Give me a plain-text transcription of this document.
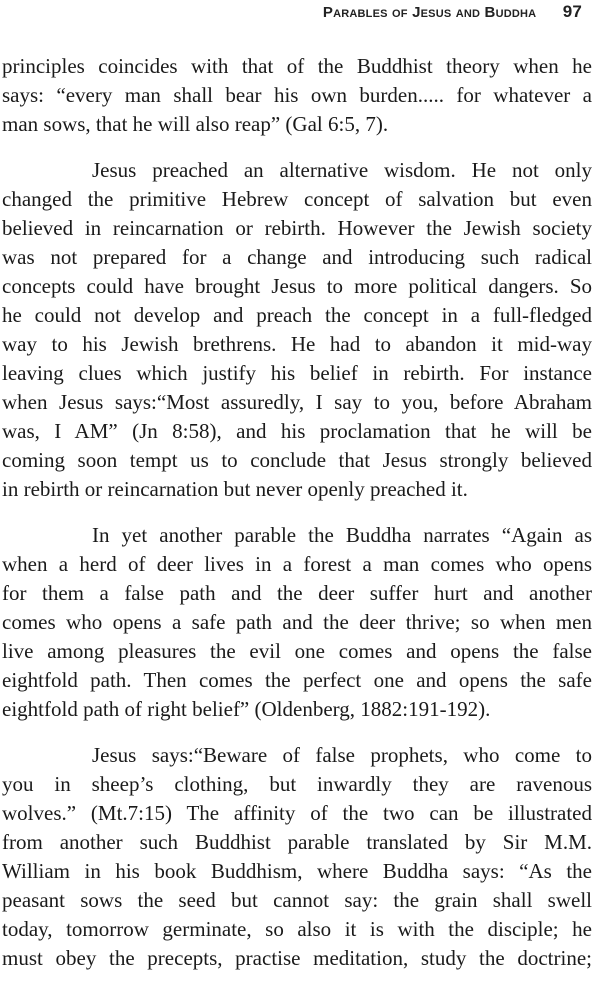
Parables of Jesus and Buddha 97
principles coincides with that of the Buddhist theory when he
says: “every man shall bear his own burden..... for whatever a
man sows, that he will also reap” (Gal 6:5, 7).
Jesus preached an alternative wisdom. He not only
changed the primitive Hebrew concept of salvation but even
believed in reincarnation or rebirth. However the Jewish society
was not prepared for a change and introducing such radical
concepts could have brought Jesus to more political dangers. So
he could not develop and preach the concept in a full-fledged
way to his Jewish brethrens. He had to abandon it mid-way
leaving clues which justify his belief in rebirth. For instance
when Jesus says:“Most assuredly, I say to you, before Abraham
was, I AM” (Jn 8:58), and his proclamation that he will be
coming soon tempt us to conclude that Jesus strongly believed
in rebirth or reincarnation but never openly preached it.
In yet another parable the Buddha narrates “Again as
when a herd of deer lives in a forest a man comes who opens
for them a false path and the deer suffer hurt and another
comes who opens a safe path and the deer thrive; so when men
live among pleasures the evil one comes and opens the false
eightfold path. Then comes the perfect one and opens the safe
eightfold path of right belief” (Oldenberg, 1882:191-192).
Jesus says:“Beware of false prophets, who come to
you in sheep’s clothing, but inwardly they are ravenous
wolves.” (Mt.7:15) The affinity of the two can be illustrated
from another such Buddhist parable translated by Sir M.M.
William in his book Buddhism, where Buddha says: “As the
peasant sows the seed but cannot say: the grain shall swell
today, tomorrow germinate, so also it is with the disciple; he
must obey the precepts, practise meditation, study the doctrine;
